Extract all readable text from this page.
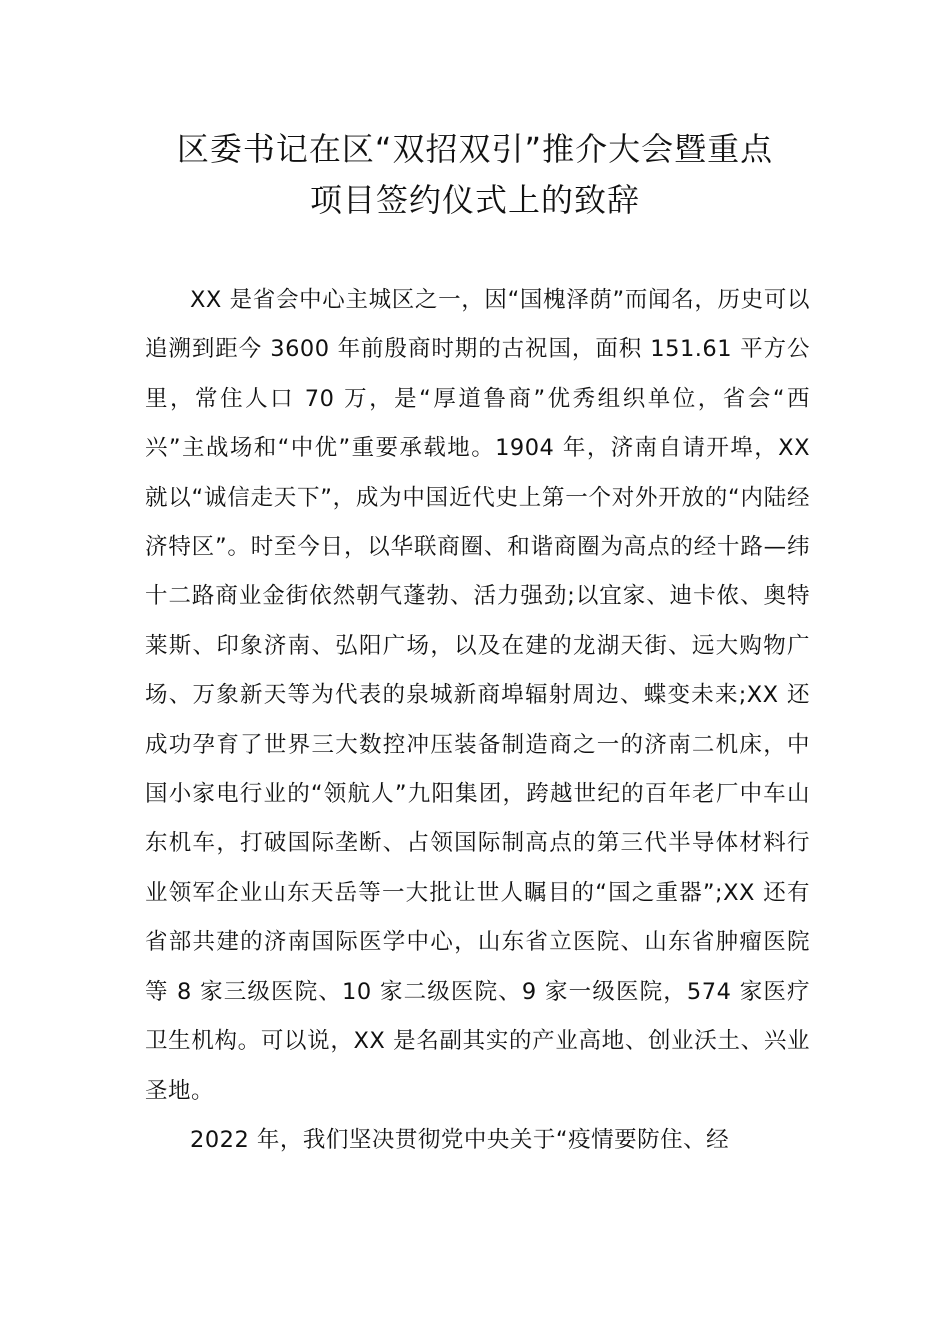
区委书记在区“双招双引”推介大会暨重点
项目签约仪式上的致辞

XX 是省会中心主城区之一，因“国槐泽荫”而闻名，历史可以追溯到距今 3600 年前殷商时期的古祝国，面积 151.61 平方公里，常住人口 70 万，是“厚道鲁商”优秀组织单位，省会“西兴”主战场和“中优”重要承载地。1904 年，济南自请开埠，XX 就以“诚信走天下”，成为中国近代史上第一个对外开放的“内陆经济特区”。时至今日，以华联商圈、和谐商圈为高点的经十路—纬十二路商业金街依然朝气蓬勃、活力强劲;以宜家、迪卡侬、奥特莱斯、印象济南、弘阳广场，以及在建的龙湖天街、远大购物广场、万象新天等为代表的泉城新商埠辐射周边、蝶变未来;XX 还成功孕育了世界三大数控冲压装备制造商之一的济南二机床，中国小家电行业的“领航人”九阳集团，跨越世纪的百年老厂中车山东机车，打破国际垄断、占领国际制高点的第三代半导体材料行业领军企业山东天岳等一大批让世人瞩目的“国之重器”;XX 还有省部共建的济南国际医学中心，山东省立医院、山东省肿瘤医院等 8 家三级医院、10 家二级医院、9 家一级医院，574 家医疗卫生机构。可以说，XX 是名副其实的产业高地、创业沃土、兴业圣地。

2022 年，我们坚决贯彻党中央关于“疫情要防住、经
